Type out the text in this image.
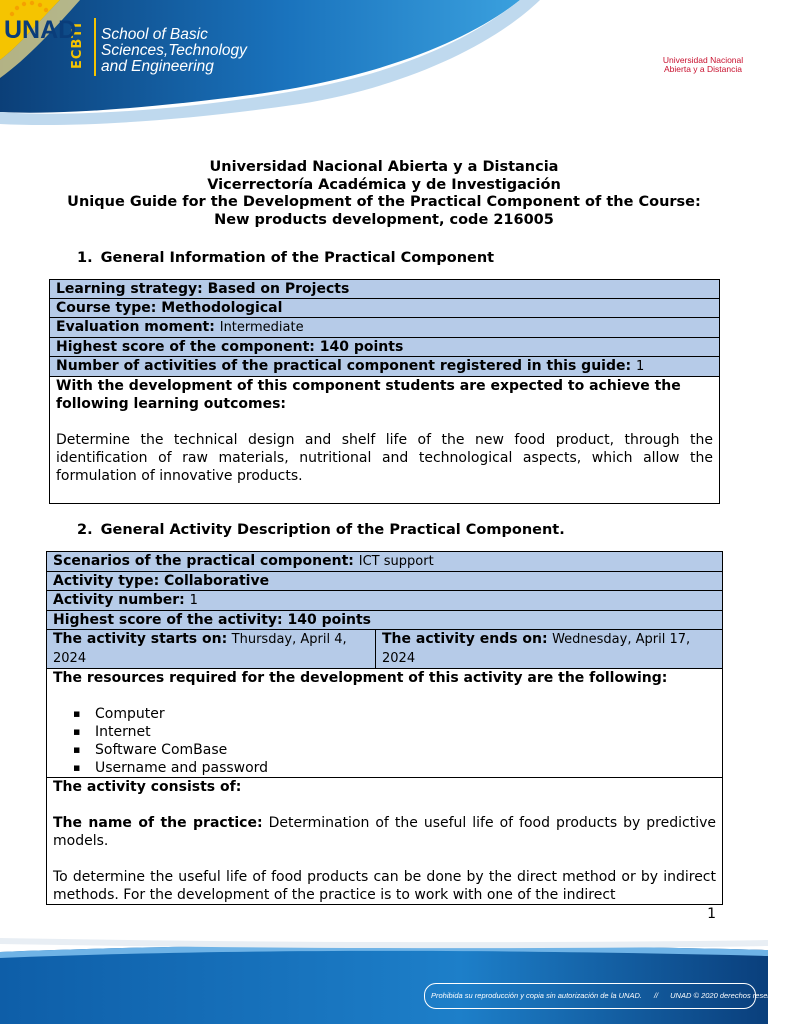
ECBTI School of Basic
Sciences,Technology
and Engineering
UNAD
Universidad Nacional
Abierta y a Distancia
Universidad Nacional Abierta y a Distancia
Vicerrectoría Académica y de Investigación
Unique Guide for the Development of the Practical Component of the Course:
New products development, code 216005
1. General Information of the Practical Component
Learning strategy: Based on Projects
Course type: Methodological
Evaluation moment: Intermediate
Highest score of the component: 140 points
Number of activities of the practical component registered in this guide: 1

With the development of this component students are expected to achieve the following learning outcomes:
Determine the technical design and shelf life of the new food product, through the identification of raw materials, nutritional and technological aspects, which allow the formulation of innovative products.
2. General Activity Description of the Practical Component.
Scenarios of the practical component: ICT support
Activity type: Collaborative
Activity number: 1
Highest score of the activity: 140 points
The activity starts on: Thursday, April 4, 2024	The activity ends on: Wednesday, April 17, 2024

The resources required for the development of this activity are the following:
▪ Computer
▪ Internet
▪ Software ComBase
▪ Username and password

The activity consists of:
The name of the practice: Determination of the useful life of food products by predictive models.
To determine the useful life of food products can be done by the direct method or by indirect methods. For the development of the practice is to work with one of the indirect
1
Prohibida su reproducción y copia sin autorización de la UNAD. // UNAD © 2020 derechos reservados.
